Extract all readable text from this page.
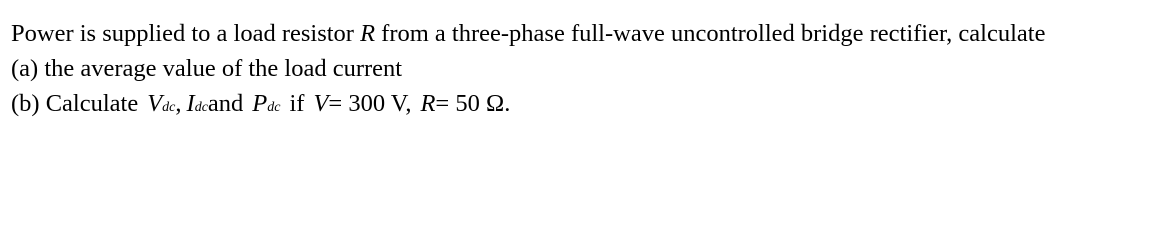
Power is supplied to a load resistor R from a three-phase full-wave uncontrolled bridge rectifier, calculate
(a) the average value of the load current
(b) Calculate Vdc, Idcand Pdc if V= 300 V, R= 50 Ω.
